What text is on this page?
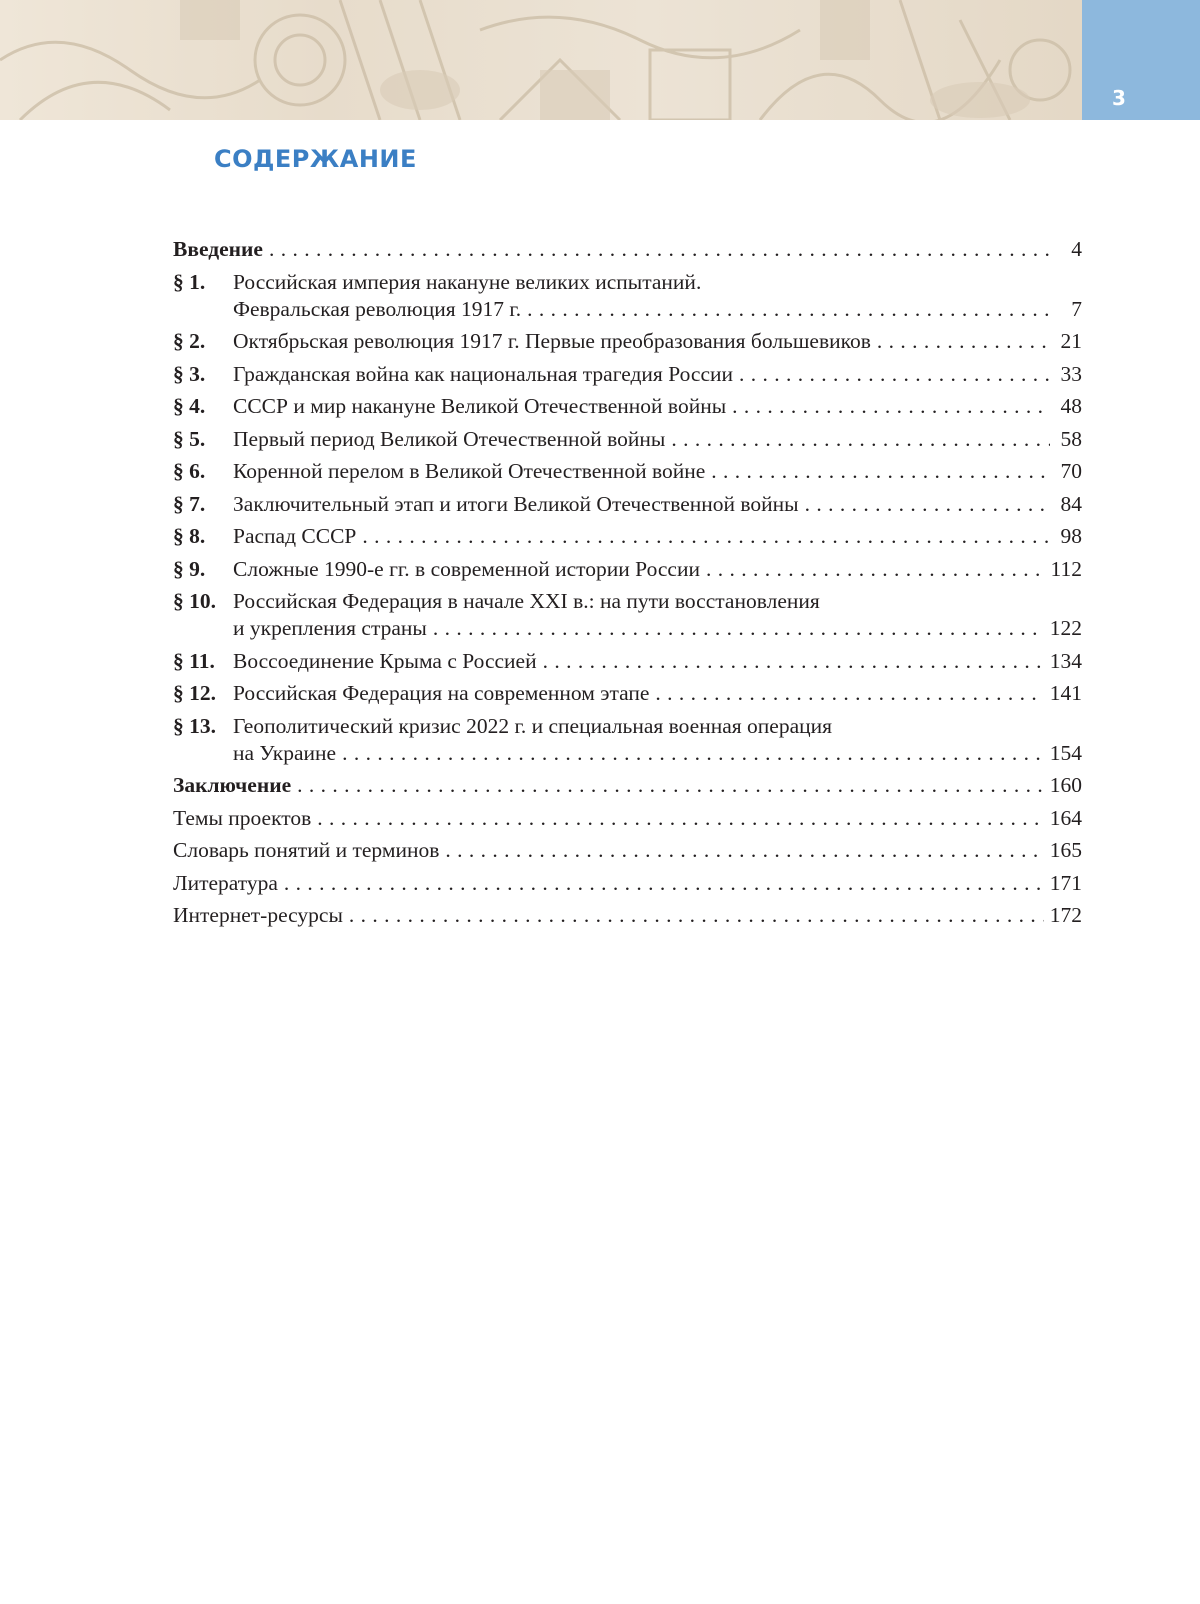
3
СОДЕРЖАНИЕ
Введение . . .	4
§ 1.	Российская империя накануне великих испытаний.
Февральская революция 1917 г. . . .	7
§ 2.	Октябрьская революция 1917 г. Первые преобразования большевиков . . .	21
§ 3.	Гражданская война как национальная трагедия России . . .	33
§ 4.	СССР и мир накануне Великой Отечественной войны . . .	48
§ 5.	Первый период Великой Отечественной войны . . .	58
§ 6.	Коренной перелом в Великой Отечественной войне . . .	70
§ 7.	Заключительный этап и итоги Великой Отечественной войны . . .	84
§ 8.	Распад СССР . . .	98
§ 9.	Сложные 1990-е гг. в современной истории России . . .	112
§ 10. Российская Федерация в начале XXI в.: на пути восстановления
и укрепления страны . . .	122
§ 11. Воссоединение Крыма с Россией . . .	134
§ 12. Российская Федерация на современном этапе . . .	141
§ 13. Геополитический кризис 2022 г. и специальная военная операция
на Украине . . .	154
Заключение . . .	160
Темы проектов . . .	164
Словарь понятий и терминов . . .	165
Литература . . .	171
Интернет-ресурсы . . .	172
